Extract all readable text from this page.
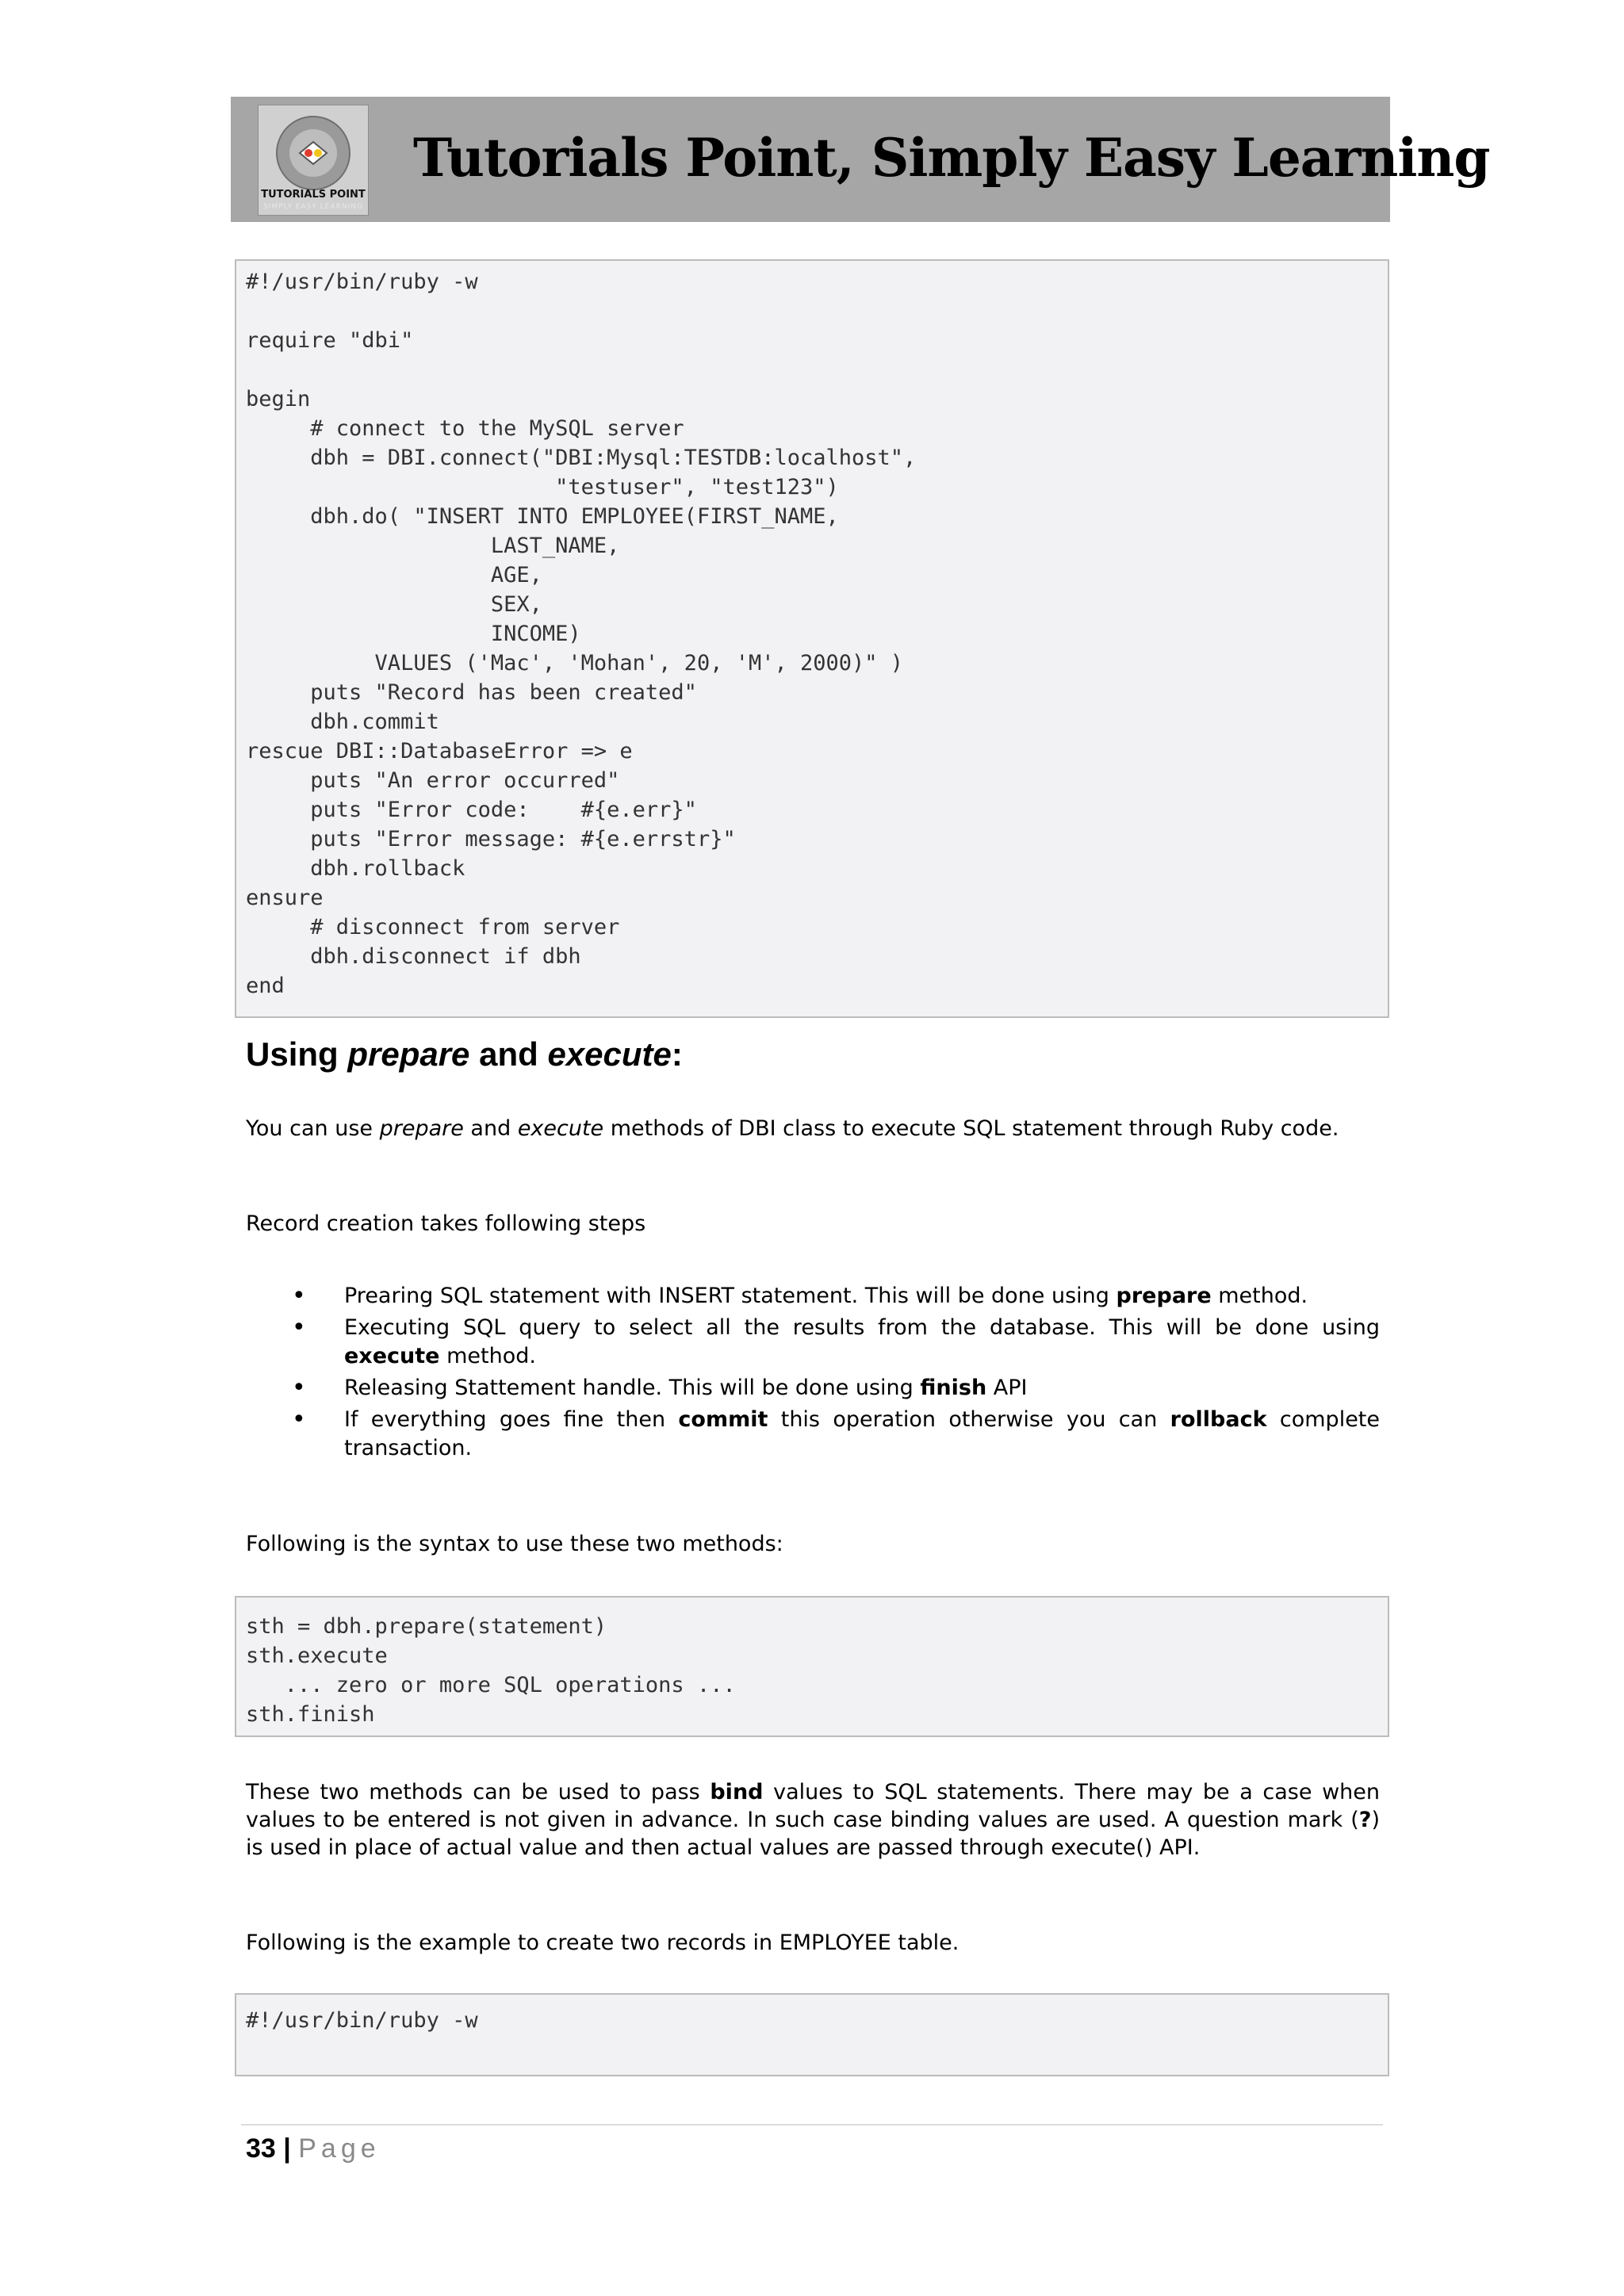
TUTORIALS POINT
SIMPLY EASY LEARNING
Tutorials Point, Simply Easy Learning
#!/usr/bin/ruby -w
require "dbi"
begin
# connect to the MySQL server
dbh = DBI.connect("DBI:Mysql:TESTDB:localhost",
"testuser", "test123")
dbh.do( "INSERT INTO EMPLOYEE(FIRST_NAME,
LAST_NAME,
AGE,
SEX,
INCOME)
VALUES ('Mac', 'Mohan', 20, 'M', 2000)" )
puts "Record has been created"
dbh.commit
rescue DBI::DatabaseError => e
puts "An error occurred"
puts "Error code:    #{e.err}"
puts "Error message: #{e.errstr}"
dbh.rollback
ensure
# disconnect from server
dbh.disconnect if dbh
end
Using prepare and execute:

You can use prepare and execute methods of DBI class to execute SQL statement through Ruby code.

Record creation takes following steps

• Prearing SQL statement with INSERT statement. This will be done using prepare method.
• Executing SQL query to select all the results from the database. This will be done using execute method.
• Releasing Stattement handle. This will be done using finish API
• If everything goes fine then commit this operation otherwise you can rollback complete transaction.

Following is the syntax to use these two methods:

sth = dbh.prepare(statement)
sth.execute
... zero or more SQL operations ...
sth.finish

These two methods can be used to pass bind values to SQL statements. There may be a case when values to be entered is not given in advance. In such case binding values are used. A question mark (?) is used in place of actual value and then actual values are passed through execute() API.

Following is the example to create two records in EMPLOYEE table.

#!/usr/bin/ruby -w
33 | Page
